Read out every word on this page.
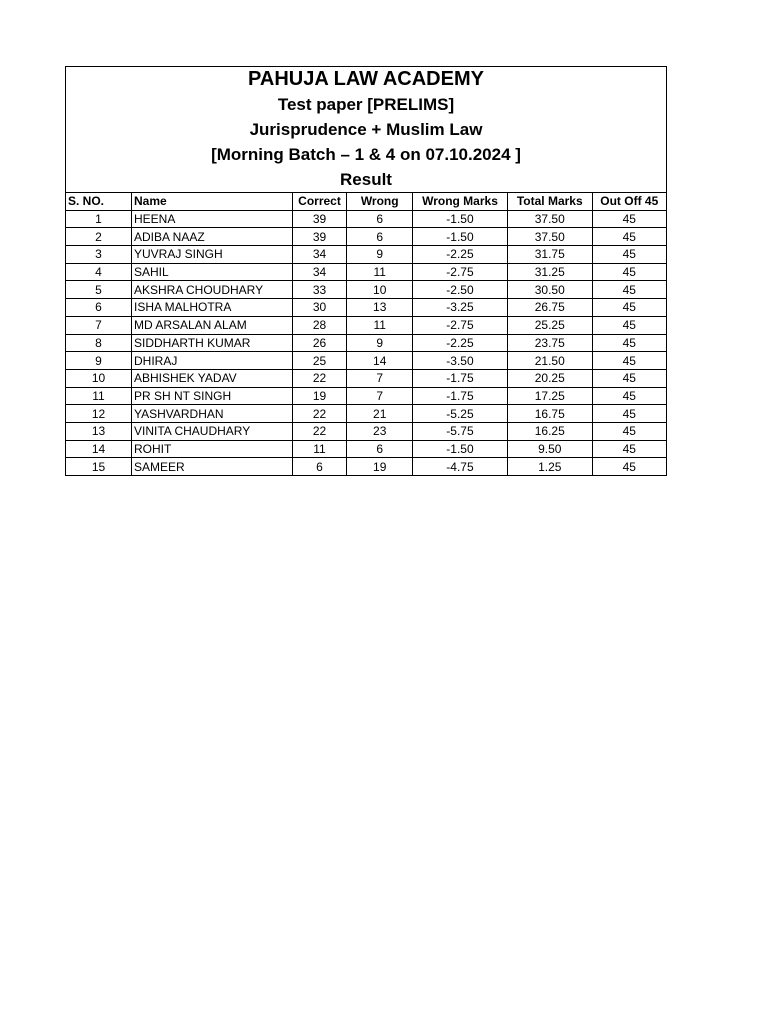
PAHUJA LAW ACADEMY
Test paper [PRELIMS]
Jurisprudence + Muslim Law
[Morning Batch – 1 & 4 on 07.10.2024 ]
Result
S. NO.	Name	Correct	Wrong	Wrong Marks	Total Marks	Out Off 45
1	HEENA	39	6	-1.50	37.50	45
2	ADIBA NAAZ	39	6	-1.50	37.50	45
3	YUVRAJ SINGH	34	9	-2.25	31.75	45
4	SAHIL	34	11	-2.75	31.25	45
5	AKSHRA CHOUDHARY	33	10	-2.50	30.50	45
6	ISHA MALHOTRA	30	13	-3.25	26.75	45
7	MD ARSALAN ALAM	28	11	-2.75	25.25	45
8	SIDDHARTH KUMAR	26	9	-2.25	23.75	45
9	DHIRAJ	25	14	-3.50	21.50	45
10	ABHISHEK YADAV	22	7	-1.75	20.25	45
11	PR SH NT SINGH	19	7	-1.75	17.25	45
12	YASHVARDHAN	22	21	-5.25	16.75	45
13	VINITA CHAUDHARY	22	23	-5.75	16.25	45
14	ROHIT	11	6	-1.50	9.50	45
15	SAMEER	6	19	-4.75	1.25	45
